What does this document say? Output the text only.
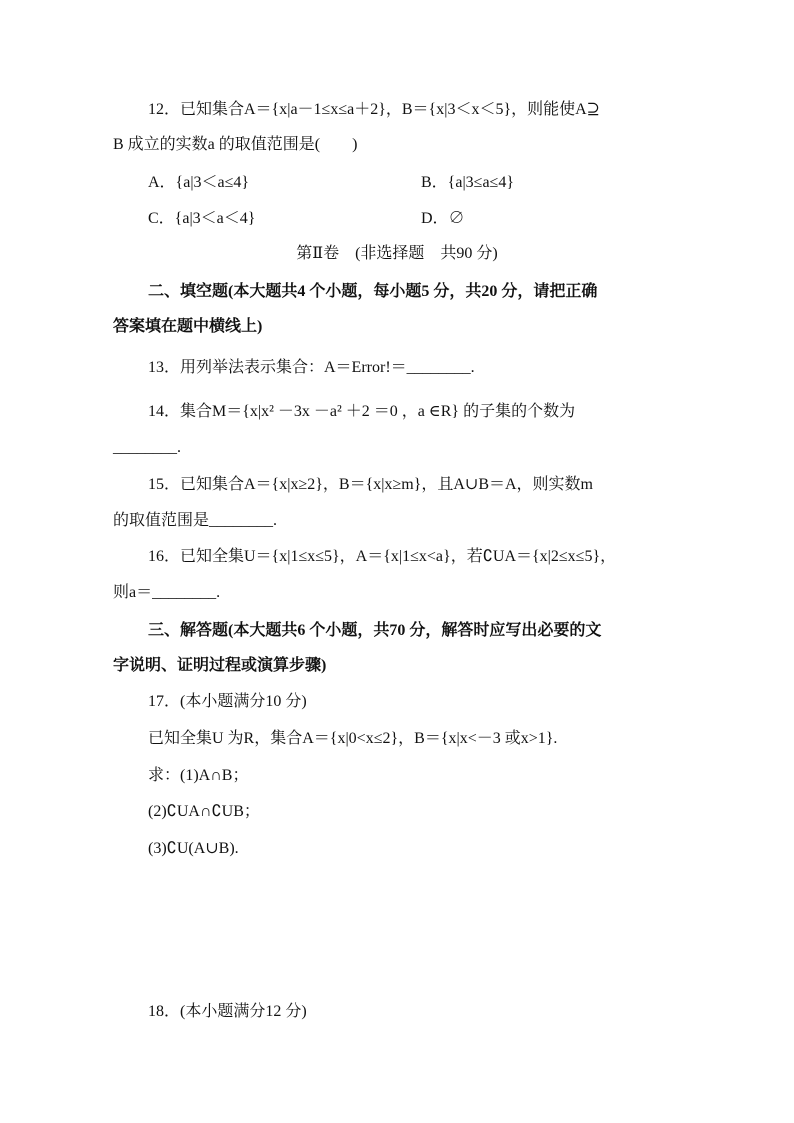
12．已知集合A＝{x|a－1≤x≤a＋2}，B＝{x|3＜x＜5}，则能使A⊇
B 成立的实数a 的取值范围是(　　)
A．{a|3＜a≤4}	B．{a|3≤a≤4}
C．{a|3＜a＜4}	D．∅
第Ⅱ卷　(非选择题　共90 分)
二、填空题(本大题共4 个小题，每小题5 分，共20 分，请把正确
答案填在题中横线上)
13．用列举法表示集合：A＝Error!＝________.
14．集合M＝{x|x² －3x －a² ＋2 ＝0 ，a ∈R} 的子集的个数为
________.
15．已知集合A＝{x|x≥2}，B＝{x|x≥m}，且A∪B＝A，则实数m
的取值范围是________.
16．已知全集U＝{x|1≤x≤5}，A＝{x|1≤x<a}，若∁UA＝{x|2≤x≤5}，
则a＝________.
三、解答题(本大题共6 个小题，共70 分，解答时应写出必要的文
字说明、证明过程或演算步骤)
17．(本小题满分10 分)
已知全集U 为R，集合A＝{x|0<x≤2}，B＝{x|x<－3 或x>1}.
求：(1)A∩B；
(2)∁UA∩∁UB；
(3)∁U(A∪B).
18．(本小题满分12 分)
